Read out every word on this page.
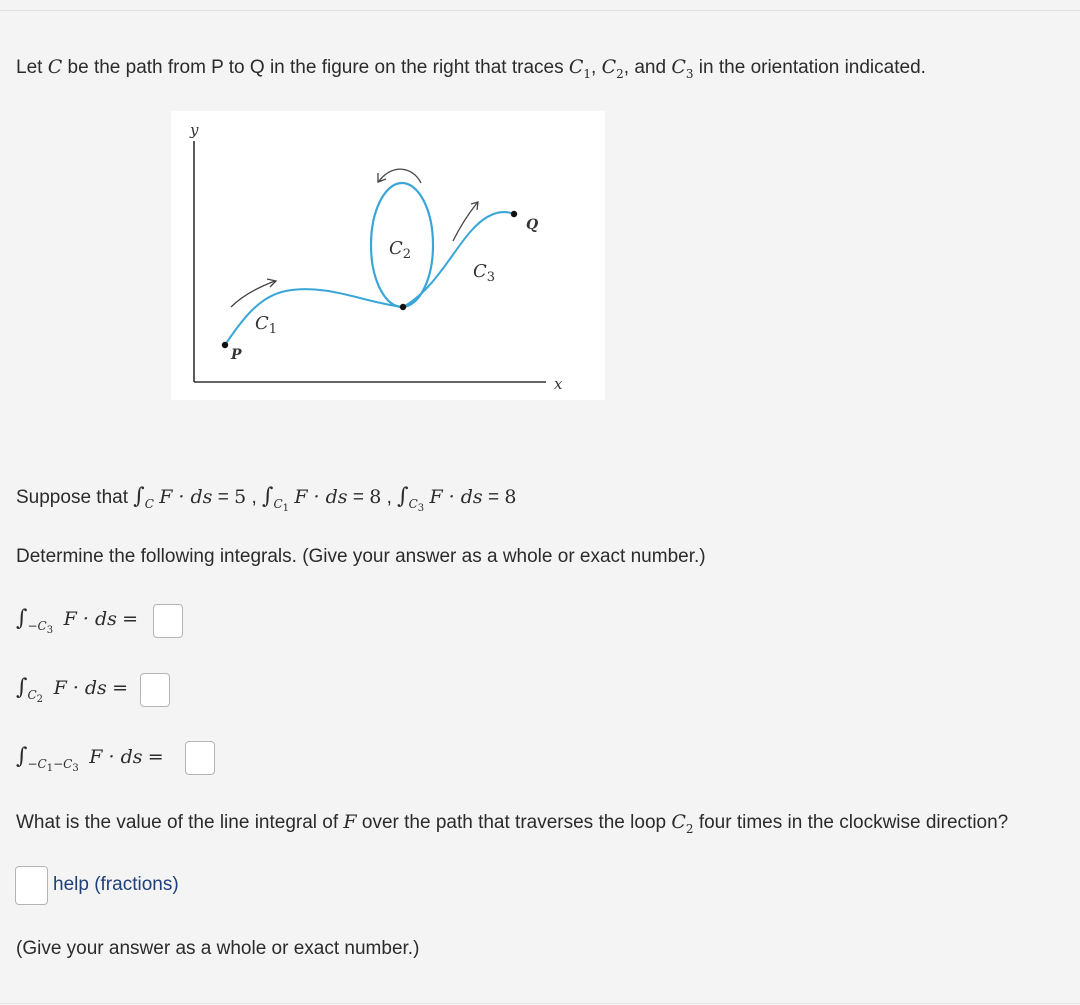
Let C be the path from P to Q in the figure on the right that traces $C_1$, $C_2$, and $C_3$ in the orientation indicated.
y
x
$C_1$
$C_2$
$C_3$
P
Q
Suppose that $\int_C$ F · ds = 5 , $\int_{C1}$ F · ds = 8 , $\int_{C3}$ F · ds = 8
Determine the following integrals. (Give your answer as a whole or exact number.)
$\int_{-C3}$  F · ds =
$\int_{C2}$  F · ds =
$\int_{-C1-C3}$  F · ds =
What is the value of the line integral of F over the path that traverses the loop $C_2$ four times in the clockwise direction?
help (fractions)
(Give your answer as a whole or exact number.)
